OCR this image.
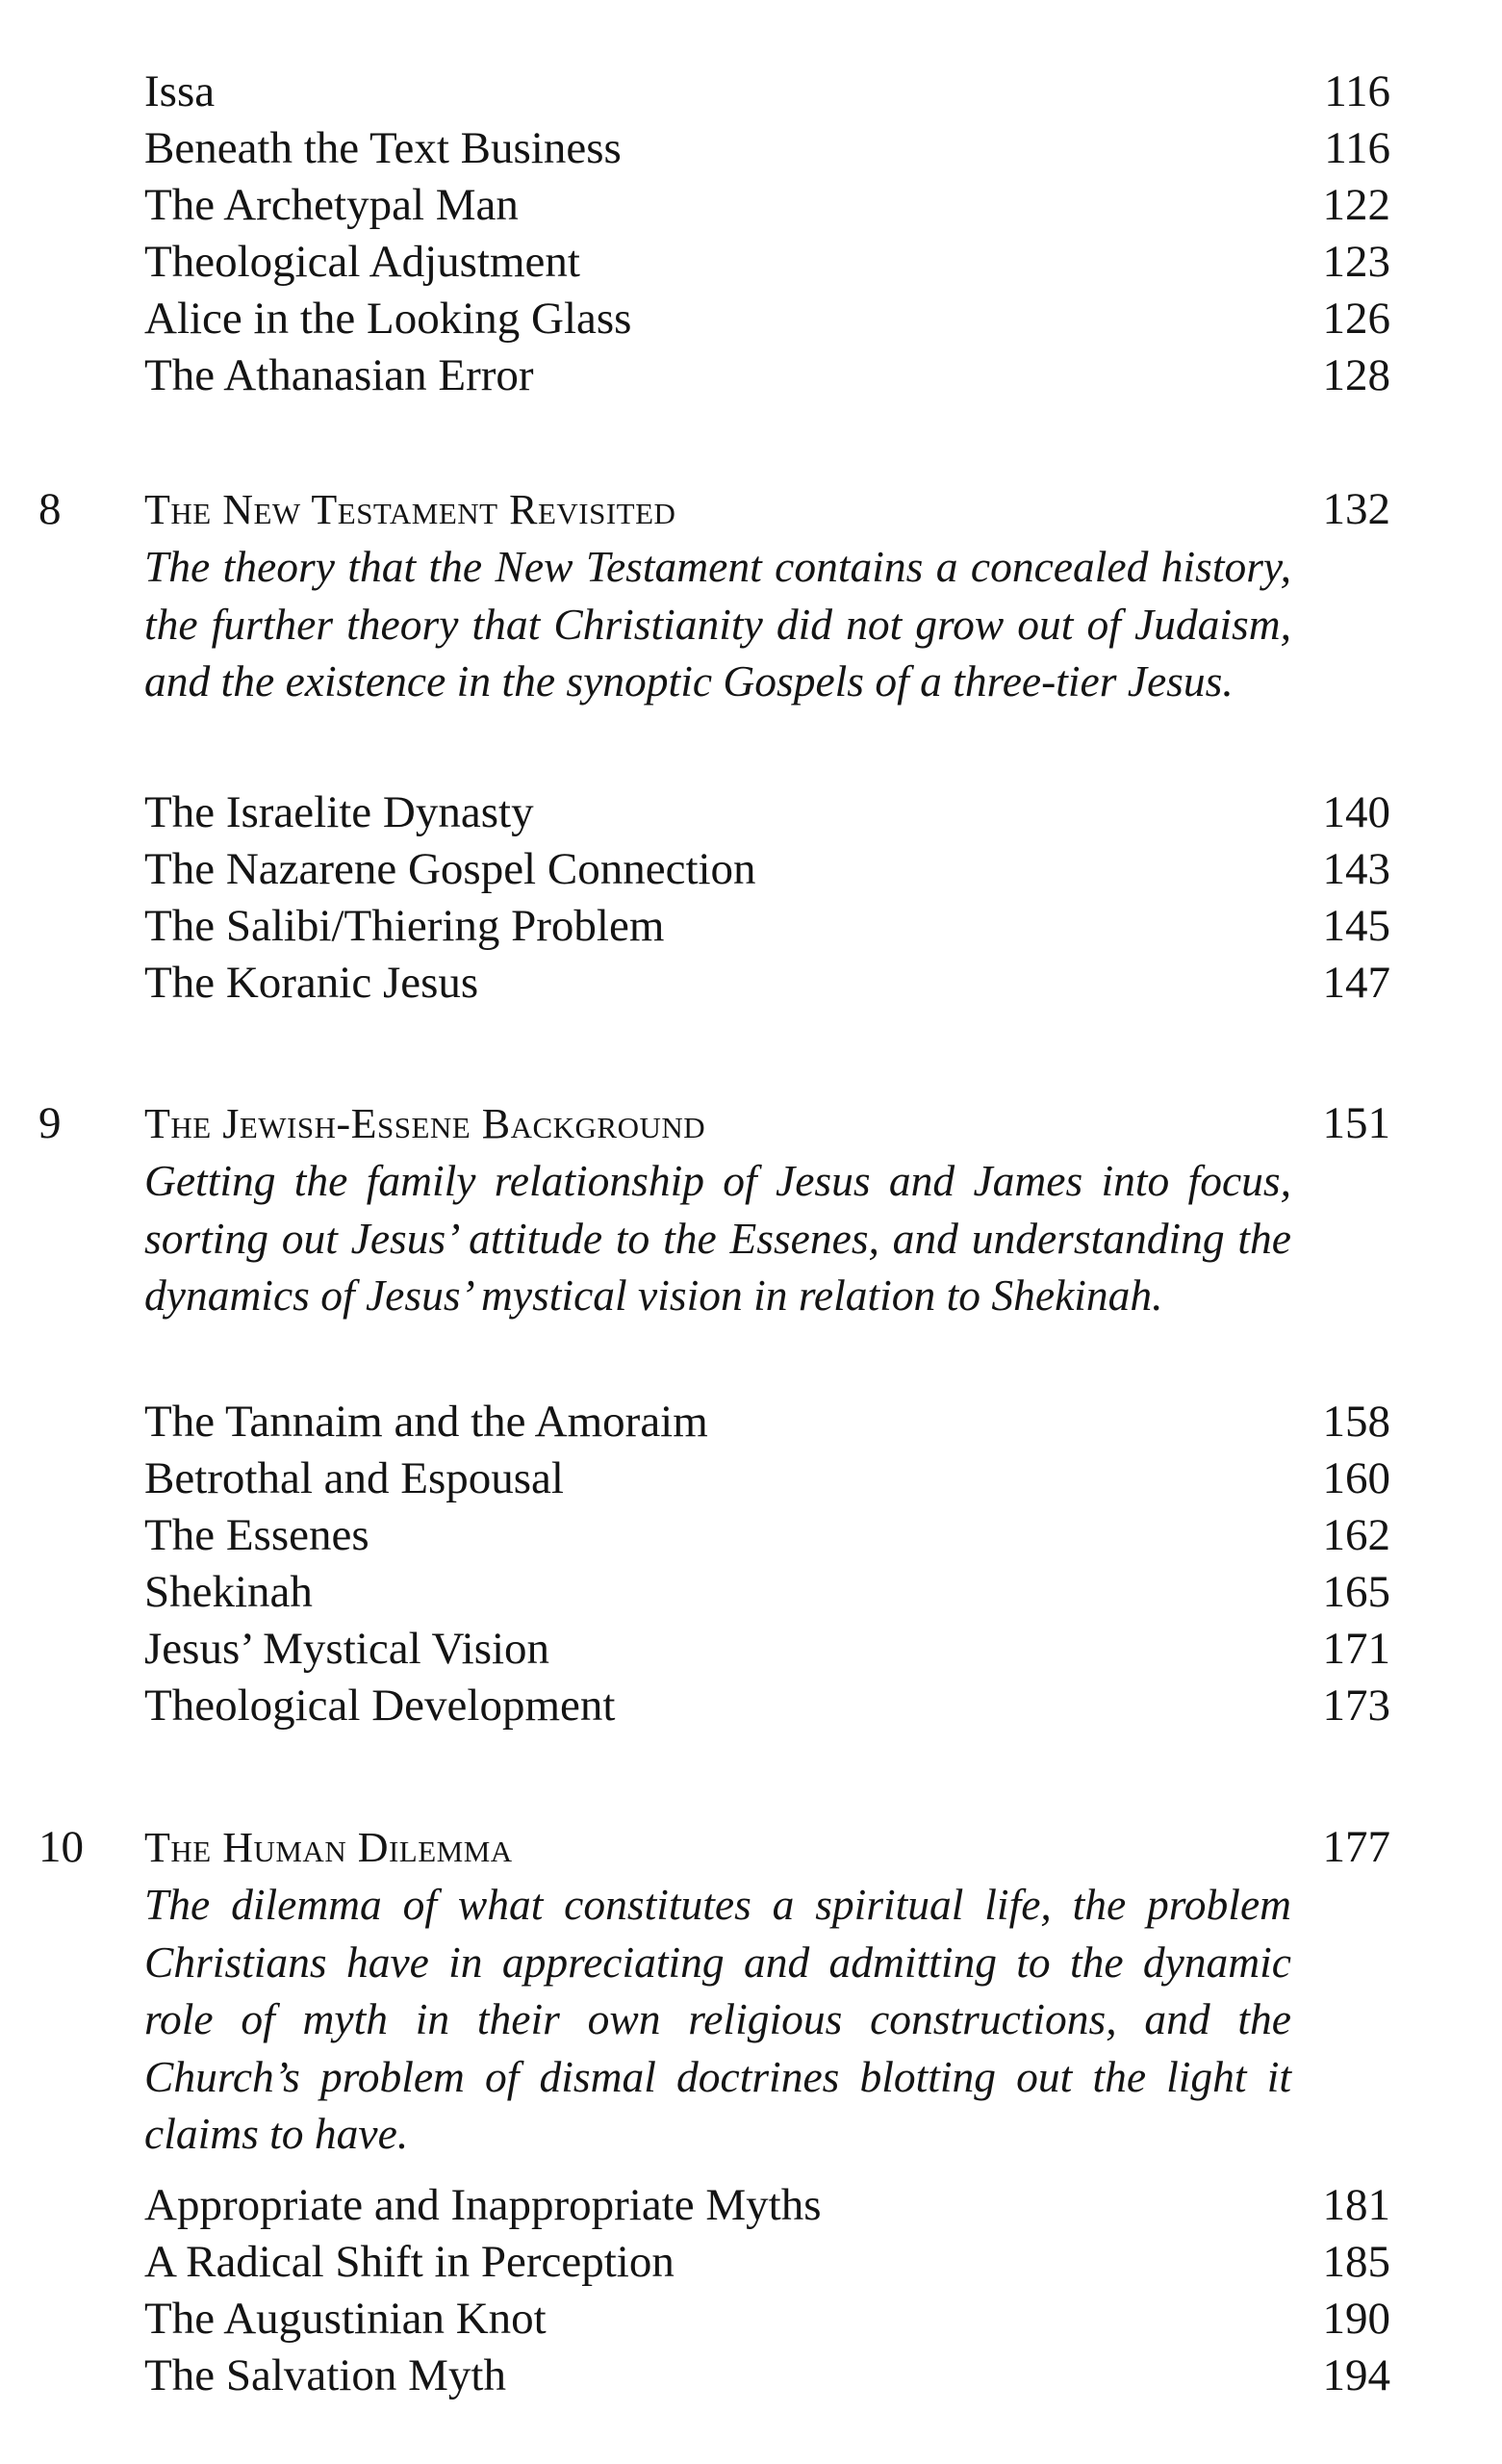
Issa	116
Beneath the Text Business	116
The Archetypal Man	122
Theological Adjustment	123
Alice in the Looking Glass	126
The Athanasian Error	128
8	The New Testament Revisited	132
The theory that the New Testament contains a concealed history, the further theory that Christianity did not grow out of Judaism, and the existence in the synoptic Gospels of a three-tier Jesus.
The Israelite Dynasty	140
The Nazarene Gospel Connection	143
The Salibi/Thiering Problem	145
The Koranic Jesus	147
9	The Jewish-Essene Background	151
Getting the family relationship of Jesus and James into focus, sorting out Jesus’ attitude to the Essenes, and understanding the dynamics of Jesus’ mystical vision in relation to Shekinah.
The Tannaim and the Amoraim	158
Betrothal and Espousal	160
The Essenes	162
Shekinah	165
Jesus’ Mystical Vision	171
Theological Development	173
10	The Human Dilemma	177
The dilemma of what constitutes a spiritual life, the problem Christians have in appreciating and admitting to the dynamic role of myth in their own religious constructions, and the Church’s problem of dismal doctrines blotting out the light it claims to have.
Appropriate and Inappropriate Myths	181
A Radical Shift in Perception	185
The Augustinian Knot	190
The Salvation Myth	194
